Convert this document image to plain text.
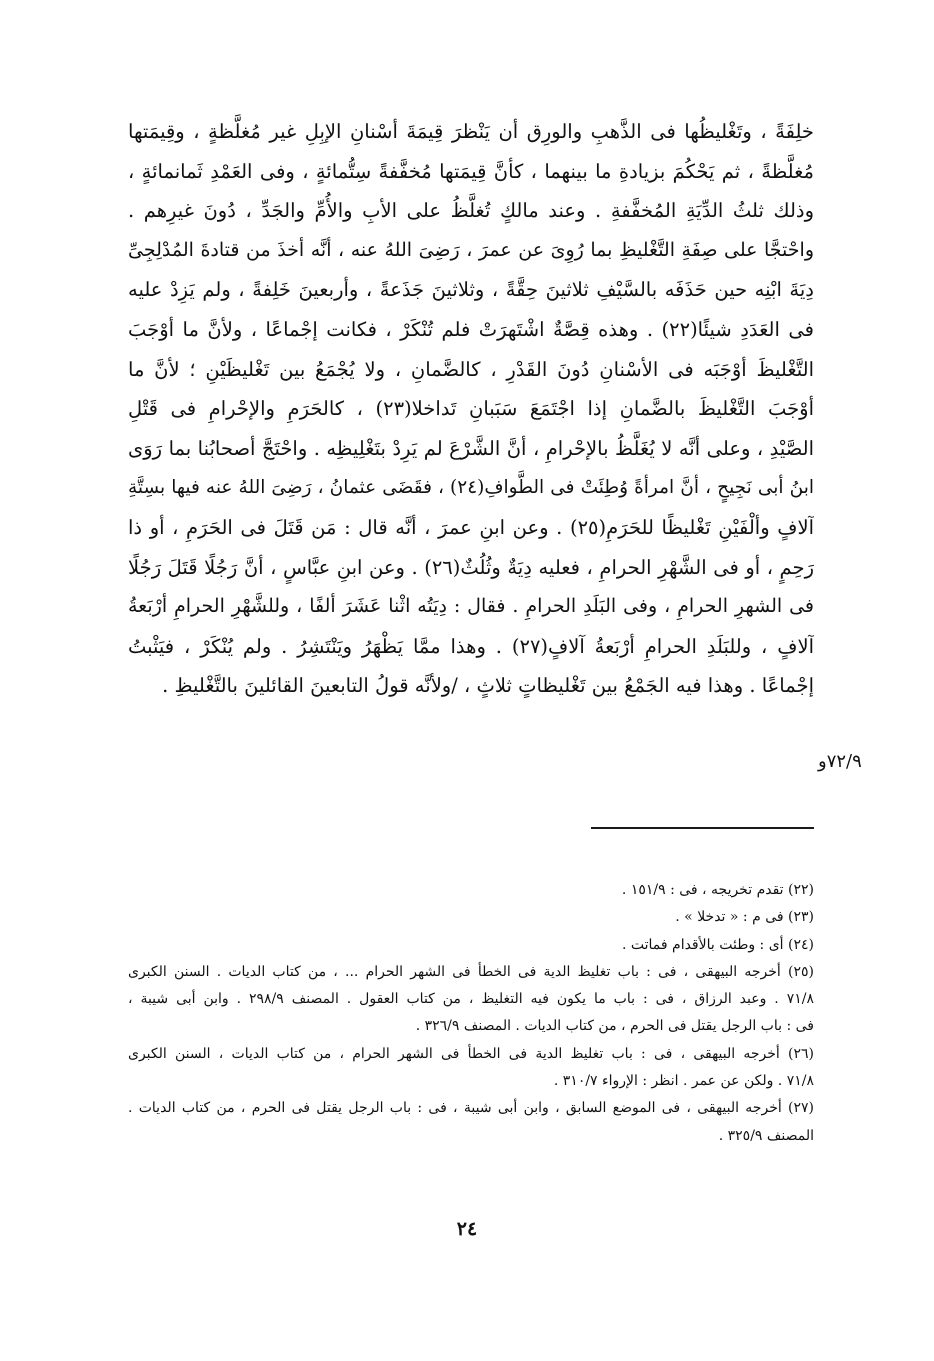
خلِفَةً ، وتَغْليظُها فى الذَّهبِ والورِق أن يَنْظرَ قِيمَةَ أسْنانِ الإبِلِ غير مُغلَّظةٍ ، وقِيمَتها
مُغلَّظةً ، ثم يَحْكُمَ بزيادةِ ما بينهما ، كأنَّ قِيمَتها مُخفَّفةً سِتُّمائةٍ ، وفى العَمْدِ ثَمانمائةٍ ،
وذلك ثلثُ الدِّيَةِ المُخفَّفةِ . وعند مالكٍ تُغلَّظُ على الأبِ والأُمِّ والجَدِّ ، دُونَ غيرِهم .
واحْتجَّا على صِفَةِ التَّغْليظِ بما رُوِىَ عن عمرَ ، رَضِىَ اللهُ عنه ، أنَّه أخذَ من قتادةَ المُدْلِجِىِّ
دِيَةَ ابْنِه حين حَذَفَه بالسَّيْفِ ثلاثينَ حِقَّةً ، وثلاثينَ جَذَعةً ، وأربعينَ خَلِفةً ، ولم يَزِدْ عليه
فى العَدَدِ شيئًا(٢٢) . وهذه قِصَّةٌ اشْتَهرَتْ فلم تُنْكَرْ ، فكانت إجْماعًا ، ولأنَّ ما أوْجَبَ
التَّغْليظَ أوْجَبَه فى الأسْنانِ دُونَ القَدْرِ ، كالضَّمانِ ، ولا يُجْمَعُ بين تَغْليظَيْنِ ؛ لأنَّ ما
أوْجَبَ التَّغْليظَ بالضَّمانِ إذا اجْتَمَعَ سَبَبانِ تَداخلا(٢٣) ، كالحَرَمِ والإحْرامِ فى قَتْلِ
الصَّيْدِ ، وعلى أنَّه لا يُغَلَّظُ بالإحْرامِ ، أنَّ الشَّرْعَ لم يَرِدْ بتَغْلِيظِه . واحْتَجَّ أصحابُنا بما رَوَى
ابنُ أبى نَجِيحٍ ، أنَّ امرأةً وُطِئَتْ فى الطَّوافِ(٢٤) ، فقَضَى عثمانُ ، رَضِىَ اللهُ عنه فيها بسِتَّةِ
آلافٍ وألْفَيْنِ تَغْليظًا للحَرَمِ(٢٥) . وعن ابنِ عمرَ ، أنَّه قال : مَن قَتَلَ فى الحَرَمِ ، أو ذا
رَحِمٍ ، أو فى الشَّهْرِ الحرامِ ، فعليه دِيَةٌ وثُلُثٌ(٢٦) . وعن ابنِ عبَّاسٍ ، أنَّ رَجُلًا قَتَلَ رَجُلًا
فى الشهرِ الحرامِ ، وفى البَلَدِ الحرامِ . فقال : دِيَتُه اثْنا عَشَرَ ألفًا ، وللشَّهْرِ الحرامِ أرْبَعةُ
آلافٍ ، وللبَلَدِ الحرامِ أرْبَعةُ آلافٍ(٢٧) . وهذا ممَّا يَظْهَرُ ويَنْتَشِرُ . ولم يُنْكَرْ ، فيَثْبتُ
إجْماعًا . وهذا فيه الجَمْعُ بين تَغْليظاتٍ ثلاثٍ ، /ولأنَّه قولُ التابعينَ القائلينَ بالتَّغْليظِ .
٧٢/٩و
(٢٢) تقدم تخريجه ، فى : ١٥١/٩ .
(٢٣) فى م : « تدخلا » .
(٢٤) أى : وطئت بالأقدام فماتت .
(٢٥) أخرجه البيهقى ، فى : باب تغليظ الدية فى الخطأ فى الشهر الحرام ... ، من كتاب الديات . السنن الكبرى
٧١/٨ . وعبد الرزاق ، فى : باب ما يكون فيه التغليظ ، من كتاب العقول . المصنف ٢٩٨/٩ . وابن أبى شيبة ،
فى : باب الرجل يقتل فى الحرم ، من كتاب الديات . المصنف ٣٢٦/٩ .
(٢٦) أخرجه البيهقى ، فى : باب تغليظ الدية فى الخطأ فى الشهر الحرام ، من كتاب الديات ، السنن الكبرى
٧١/٨ . ولكن عن عمر . انظر : الإرواء ٣١٠/٧ .
(٢٧) أخرجه البيهقى ، فى الموضع السابق ، وابن أبى شيبة ، فى : باب الرجل يقتل فى الحرم ، من كتاب الديات .
المصنف ٣٢٥/٩ .
٢٤
